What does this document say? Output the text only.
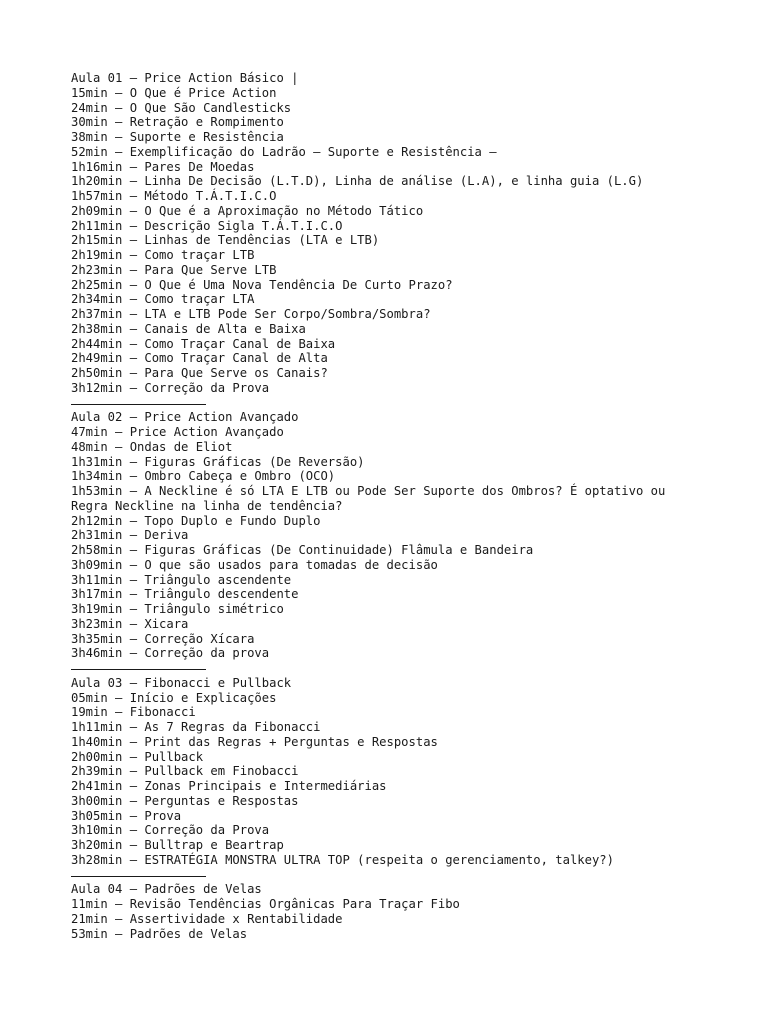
Aula 01 – Price Action Básico |
15min – O Que é Price Action
24min – O Que São Candlesticks
30min – Retração e Rompimento
38min – Suporte e Resistência
52min – Exemplificação do Ladrão – Suporte e Resistência –
1h16min – Pares De Moedas
1h20min – Linha De Decisão (L.T.D), Linha de análise (L.A), e linha guia (L.G)
1h57min – Método T.Á.T.I.C.O
2h09min – O Que é a Aproximação no Método Tático
2h11min – Descrição Sigla T.Á.T.I.C.O
2h15min – Linhas de Tendências (LTA e LTB)
2h19min – Como traçar LTB
2h23min – Para Que Serve LTB
2h25min – O Que é Uma Nova Tendência De Curto Prazo?
2h34min – Como traçar LTA
2h37min – LTA e LTB Pode Ser Corpo/Sombra/Sombra?
2h38min – Canais de Alta e Baixa
2h44min – Como Traçar Canal de Baixa
2h49min – Como Traçar Canal de Alta
2h50min – Para Que Serve os Canais?
3h12min – Correção da Prova
Aula 02 – Price Action Avançado
47min – Price Action Avançado
48min – Ondas de Eliot
1h31min – Figuras Gráficas (De Reversão)
1h34min – Ombro Cabeça e Ombro (OCO)
1h53min – A Neckline é só LTA E LTB ou Pode Ser Suporte dos Ombros? É optativo ou Regra Neckline na linha de tendência?
2h12min – Topo Duplo e Fundo Duplo
2h31min – Deriva
2h58min – Figuras Gráficas (De Continuidade) Flâmula e Bandeira
3h09min – O que são usados para tomadas de decisão
3h11min – Triângulo ascendente
3h17min – Triângulo descendente
3h19min – Triângulo simétrico
3h23min – Xicara
3h35min – Correção Xícara
3h46min – Correção da prova
Aula 03 – Fibonacci e Pullback
05min – Início e Explicações
19min – Fibonacci
1h11min – As 7 Regras da Fibonacci
1h40min – Print das Regras + Perguntas e Respostas
2h00min – Pullback
2h39min – Pullback em Finobacci
2h41min – Zonas Principais e Intermediárias
3h00min – Perguntas e Respostas
3h05min – Prova
3h10min – Correção da Prova
3h20min – Bulltrap e Beartrap
3h28min – ESTRATÉGIA MONSTRA ULTRA TOP (respeita o gerenciamento, talkey?)
Aula 04 – Padrões de Velas
11min – Revisão Tendências Orgânicas Para Traçar Fibo
21min – Assertividade x Rentabilidade
53min – Padrões de Velas
